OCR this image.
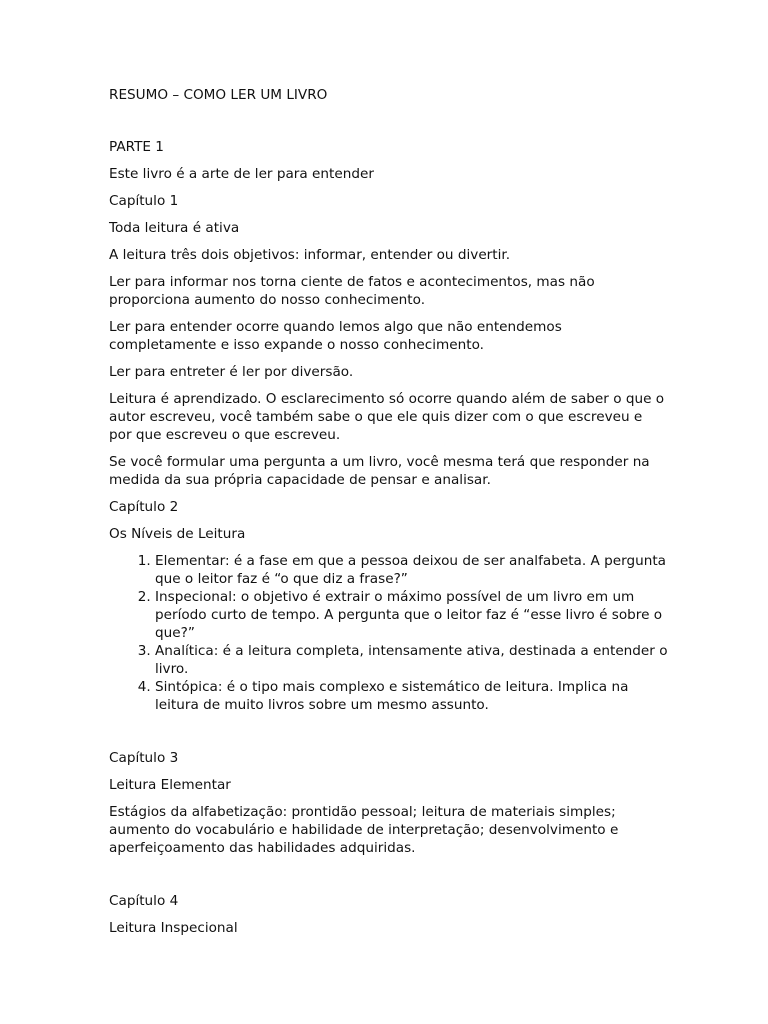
RESUMO – COMO LER UM LIVRO

PARTE 1

Este livro é a arte de ler para entender

Capítulo 1

Toda leitura é ativa

A leitura três dois objetivos: informar, entender ou divertir.

Ler para informar nos torna ciente de fatos e acontecimentos, mas não proporciona aumento do nosso conhecimento.

Ler para entender ocorre quando lemos algo que não entendemos completamente e isso expande o nosso conhecimento.

Ler para entreter é ler por diversão.

Leitura é aprendizado. O esclarecimento só ocorre quando além de saber o que o autor escreveu, você também sabe o que ele quis dizer com o que escreveu e por que escreveu o que escreveu.

Se você formular uma pergunta a um livro, você mesma terá que responder na medida da sua própria capacidade de pensar e analisar.

Capítulo 2

Os Níveis de Leitura

1. Elementar: é a fase em que a pessoa deixou de ser analfabeta. A pergunta que o leitor faz é “o que diz a frase?”
2. Inspecional: o objetivo é extrair o máximo possível de um livro em um período curto de tempo. A pergunta que o leitor faz é “esse livro é sobre o que?”
3. Analítica: é a leitura completa, intensamente ativa, destinada a entender o livro.
4. Sintópica: é o tipo mais complexo e sistemático de leitura. Implica na leitura de muito livros sobre um mesmo assunto.

Capítulo 3

Leitura Elementar

Estágios da alfabetização: prontidão pessoal; leitura de materiais simples; aumento do vocabulário e habilidade de interpretação; desenvolvimento e aperfeiçoamento das habilidades adquiridas.

Capítulo 4

Leitura Inspecional
